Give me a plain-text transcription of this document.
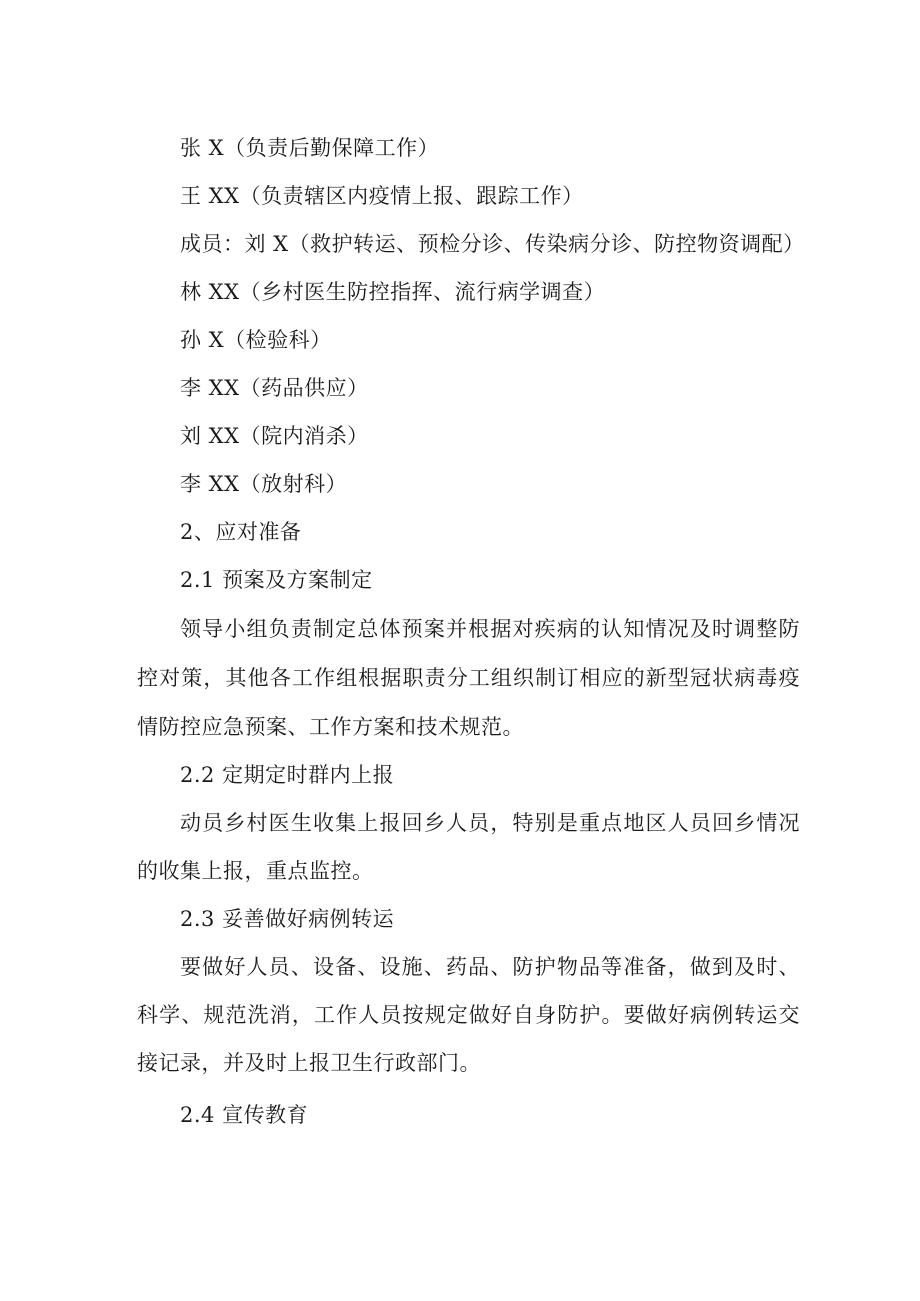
张 X（负责后勤保障工作）
王 XX（负责辖区内疫情上报、跟踪工作）
成员：刘 X（救护转运、预检分诊、传染病分诊、防控物资调配）
林 XX（乡村医生防控指挥、流行病学调查）
孙 X（检验科）
李 XX（药品供应）
刘 XX（院内消杀）
李 XX（放射科）
2、应对准备
2.1 预案及方案制定
领导小组负责制定总体预案并根据对疾病的认知情况及时调整防
控对策，其他各工作组根据职责分工组织制订相应的新型冠状病毒疫
情防控应急预案、工作方案和技术规范。
2.2 定期定时群内上报
动员乡村医生收集上报回乡人员，特别是重点地区人员回乡情况
的收集上报，重点监控。
2.3 妥善做好病例转运
要做好人员、设备、设施、药品、防护物品等准备，做到及时、
科学、规范洗消，工作人员按规定做好自身防护。要做好病例转运交
接记录，并及时上报卫生行政部门。
2.4 宣传教育
